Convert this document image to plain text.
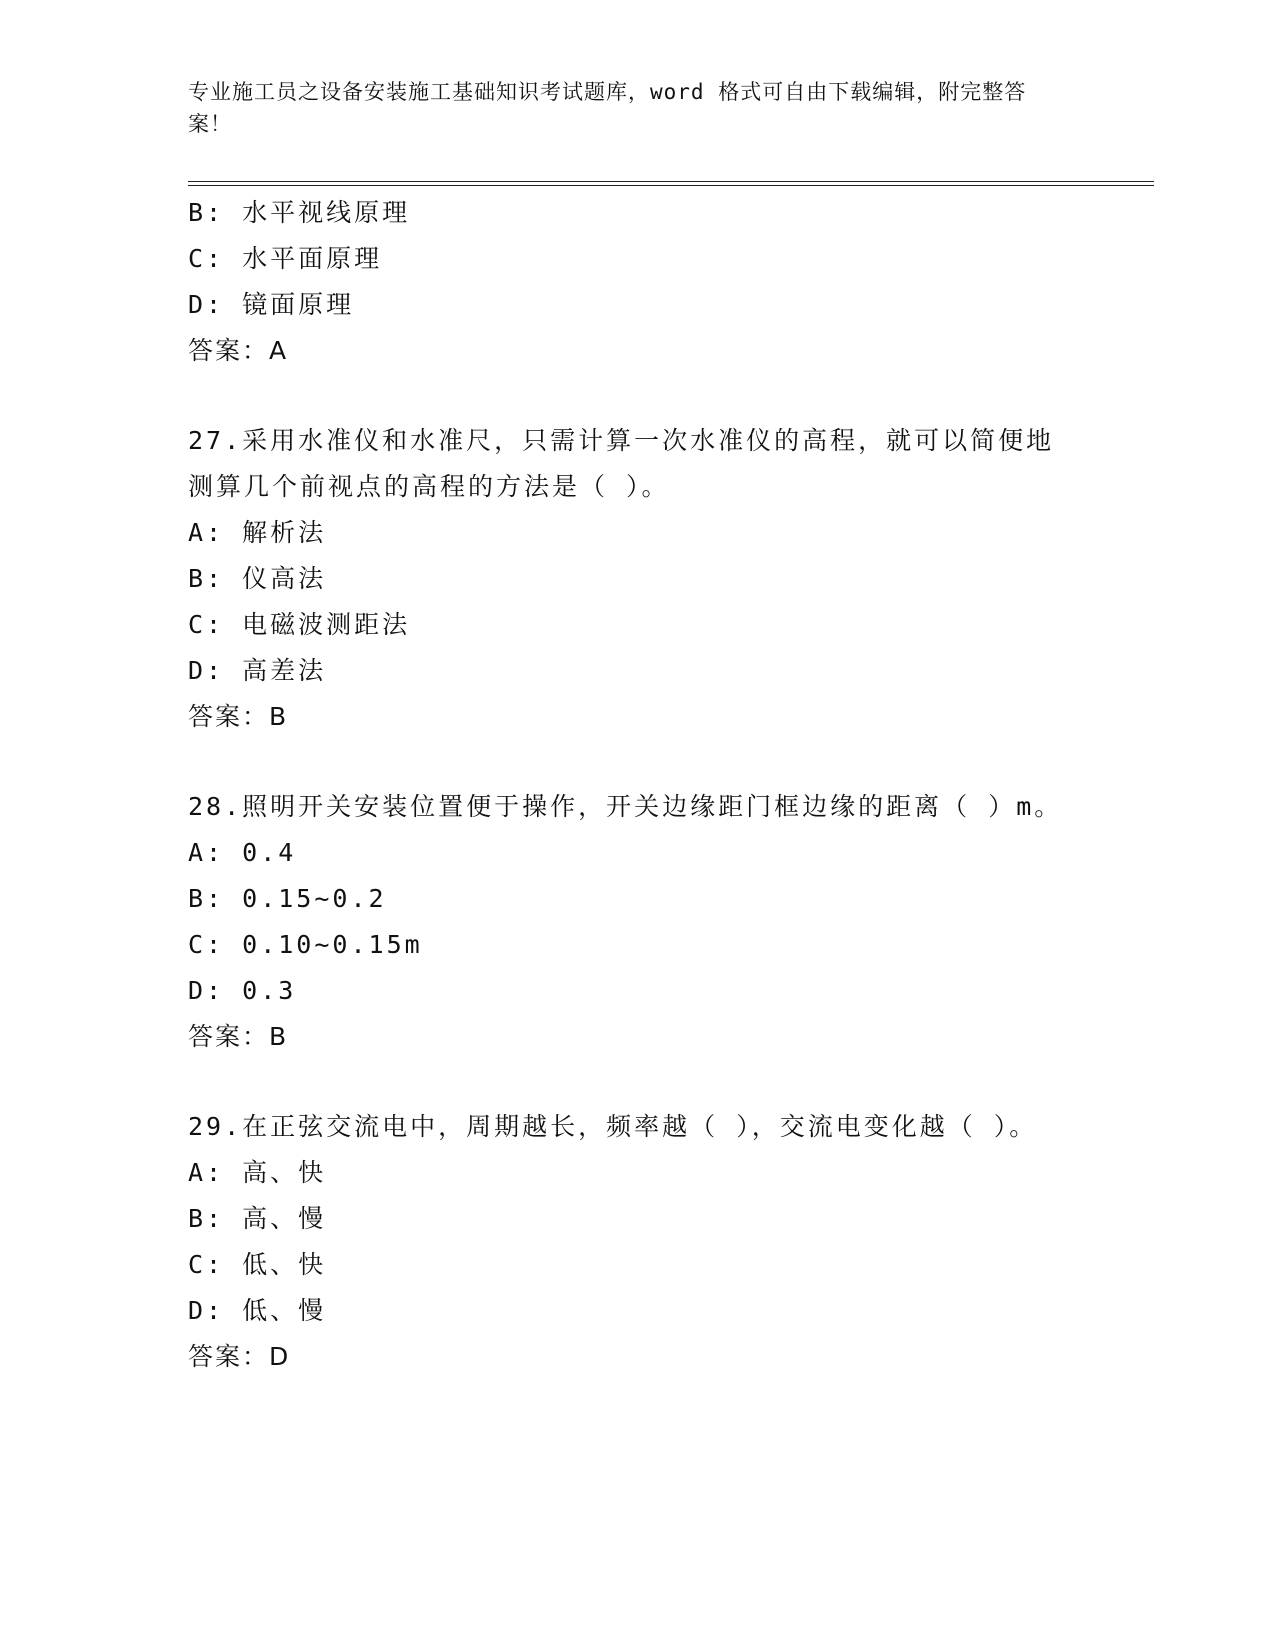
专业施工员之设备安装施工基础知识考试题库，word 格式可自由下载编辑，附完整答案！
B: 水平视线原理
C: 水平面原理
D: 镜面原理
答案：A
27.采用水准仪和水准尺，只需计算一次水准仪的高程，就可以简便地测算几个前视点的高程的方法是（ ）。
A: 解析法
B: 仪高法
C: 电磁波测距法
D: 高差法
答案：B
28.照明开关安装位置便于操作，开关边缘距门框边缘的距离（ ）m。
A: 0.4
B: 0.15~0.2
C: 0.10~0.15m
D: 0.3
答案：B
29.在正弦交流电中，周期越长，频率越（ ），交流电变化越（ ）。
A: 高、快
B: 高、慢
C: 低、快
D: 低、慢
答案：D
